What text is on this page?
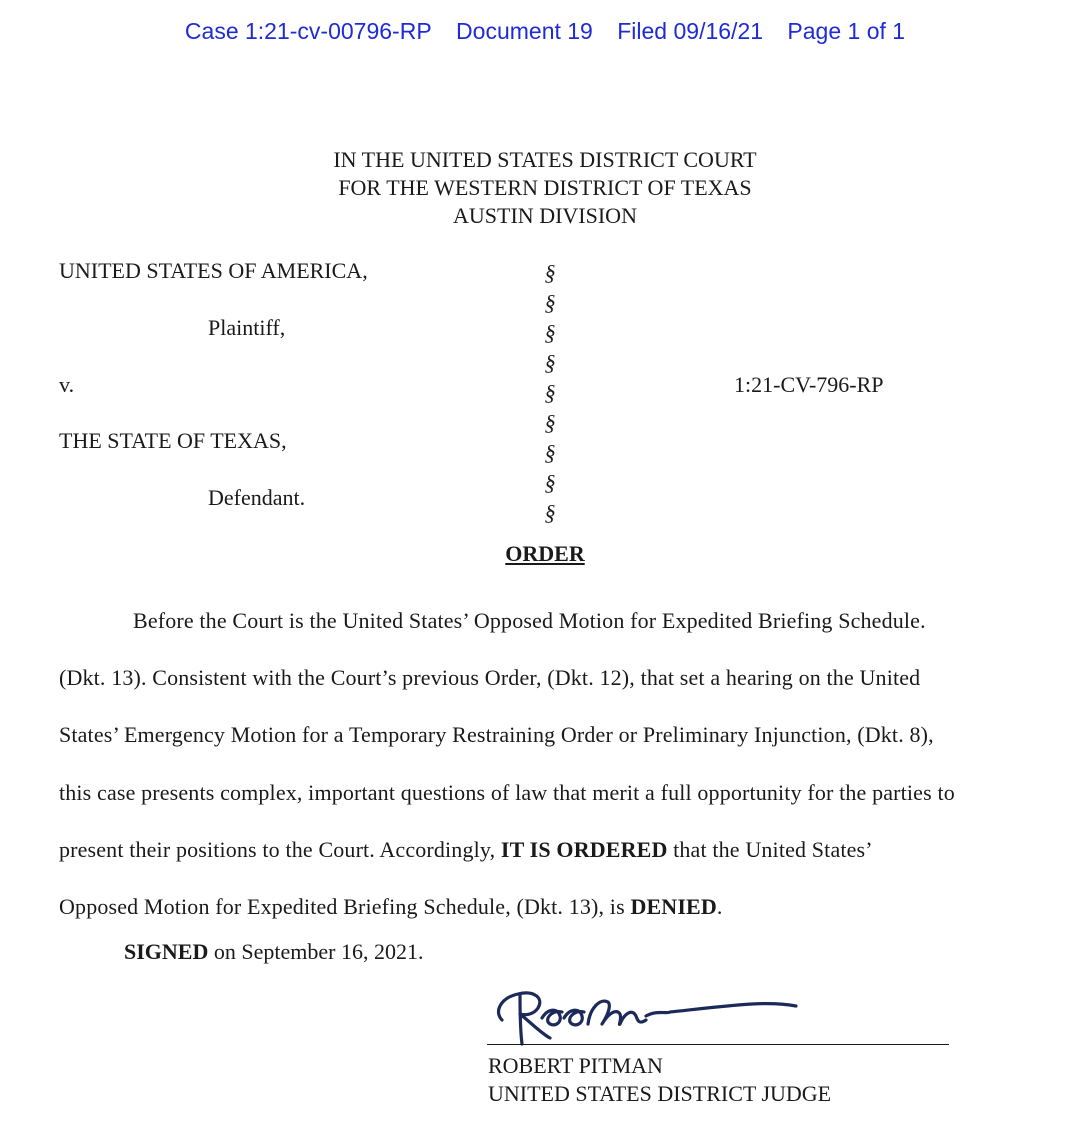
Case 1:21-cv-00796-RP Document 19 Filed 09/16/21 Page 1 of 1
IN THE UNITED STATES DISTRICT COURT
FOR THE WESTERN DISTRICT OF TEXAS
AUSTIN DIVISION
UNITED STATES OF AMERICA,
Plaintiff,
v.
THE STATE OF TEXAS,
Defendant.
§
§
§
§
§
§
§
§
§
1:21-CV-796-RP
ORDER
Before the Court is the United States’ Opposed Motion for Expedited Briefing Schedule.
(Dkt. 13). Consistent with the Court’s previous Order, (Dkt. 12), that set a hearing on the United
States’ Emergency Motion for a Temporary Restraining Order or Preliminary Injunction, (Dkt. 8),
this case presents complex, important questions of law that merit a full opportunity for the parties to
present their positions to the Court. Accordingly, IT IS ORDERED that the United States’
Opposed Motion for Expedited Briefing Schedule, (Dkt. 13), is DENIED.
SIGNED on September 16, 2021.
ROBERT PITMAN
UNITED STATES DISTRICT JUDGE
